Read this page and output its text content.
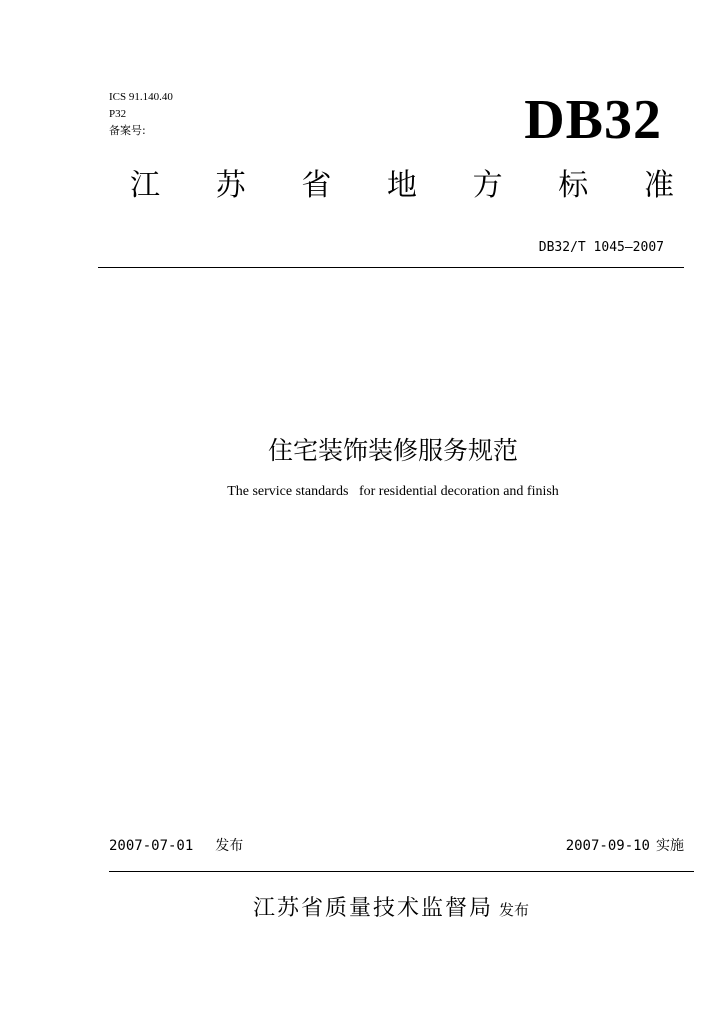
ICS 91.140.40
P32
备案号:	DB32
江 苏 省 地 方 标 准
DB32/T 1045—2007
住宅装饰装修服务规范
The service standards   for residential decoration and finish
2007-07-01 发布	2007-09-10 实施
江苏省质量技术监督局 发布
